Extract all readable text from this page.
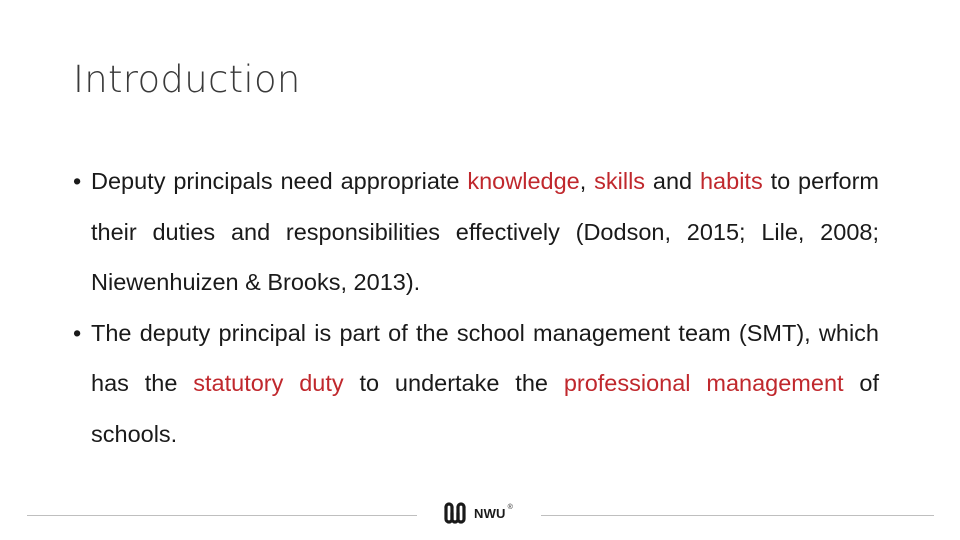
Introduction
• Deputy principals need appropriate knowledge, skills and habits to perform their duties and responsibilities effectively (Dodson, 2015; Lile, 2008; Niewenhuizen & Brooks, 2013).
• The deputy principal is part of the school management team (SMT), which has the statutory duty to undertake the professional management of schools.
NWU ®
